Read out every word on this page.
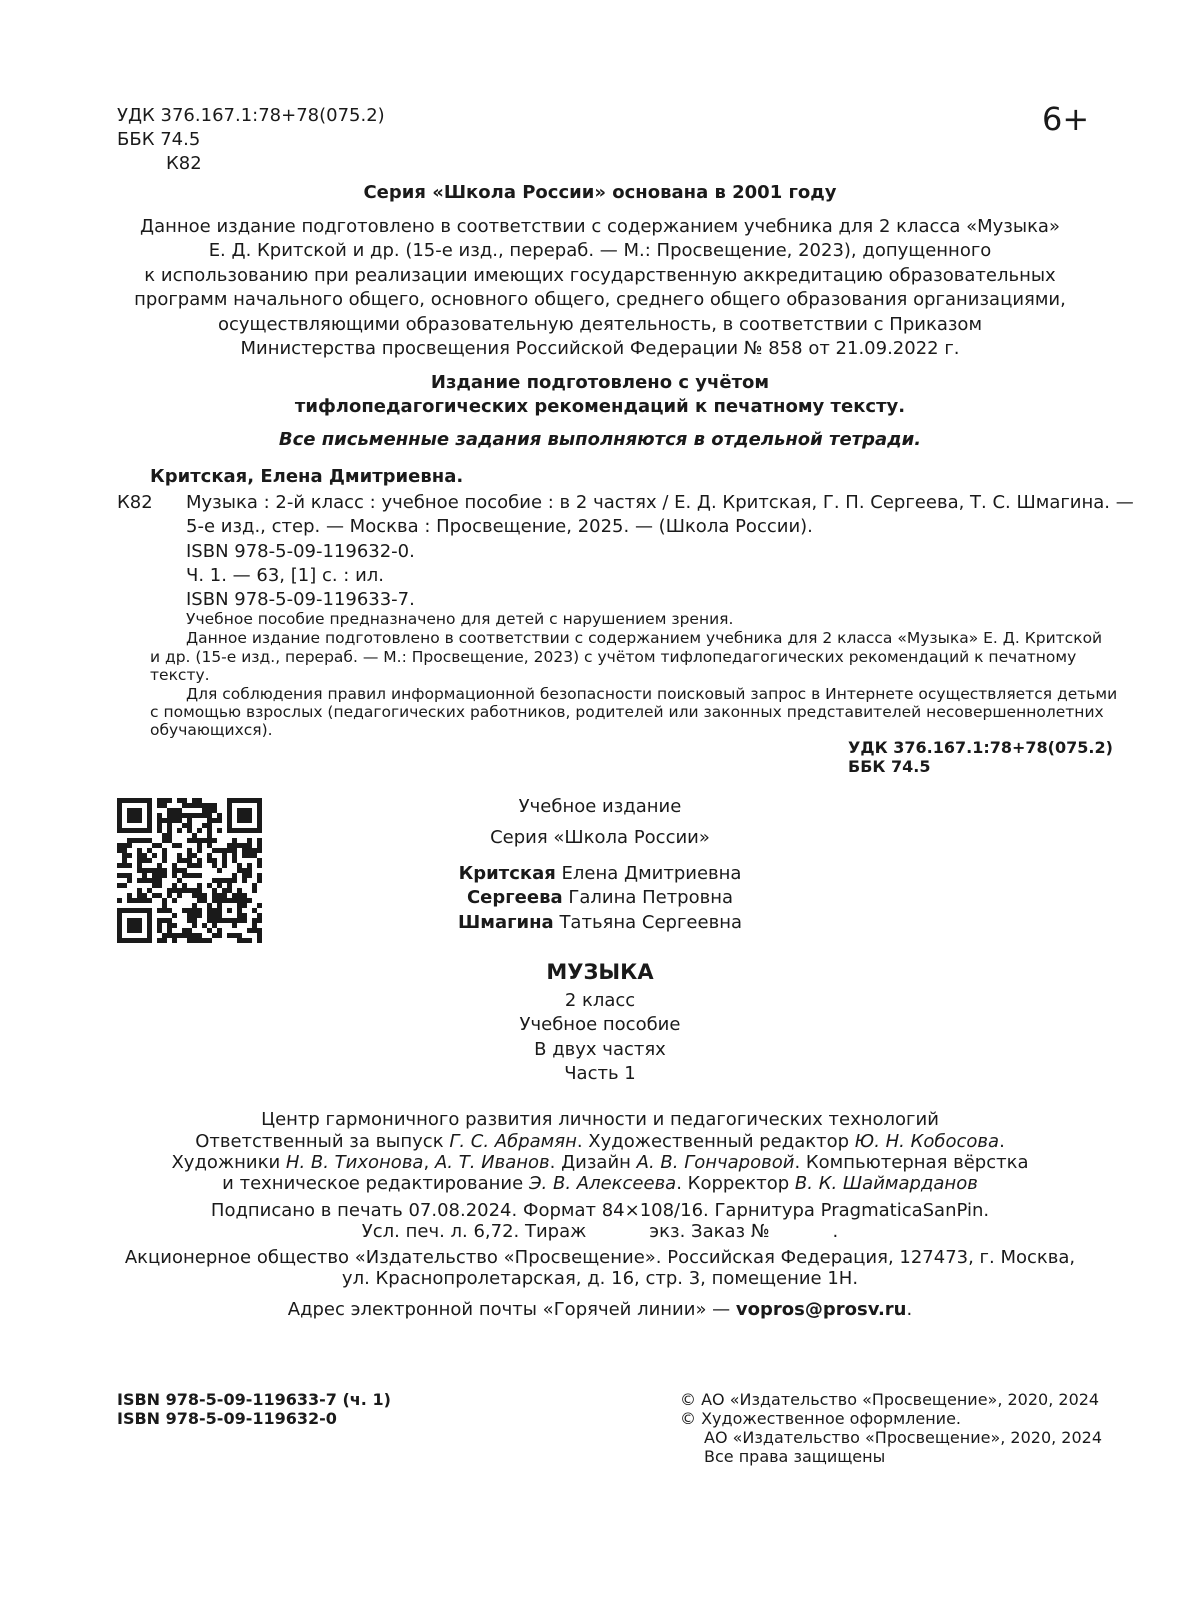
УДК 376.167.1:78+78(075.2)
ББК 74.5
К82
6+
Серия «Школа России» основана в 2001 году
Данное издание подготовлено в соответствии с содержанием учебника для 2 класса «Музыка»
Е. Д. Критской и др. (15-е изд., перераб. — М.: Просвещение, 2023), допущенного
к использованию при реализации имеющих государственную аккредитацию образовательных
программ начального общего, основного общего, среднего общего образования организациями,
осуществляющими образовательную деятельность, в соответствии с Приказом
Министерства просвещения Российской Федерации № 858 от 21.09.2022 г.
Издание подготовлено с учётом
тифлопедагогических рекомендаций к печатному тексту.
Все письменные задания выполняются в отдельной тетради.
Критская, Елена Дмитриевна.
К82 Музыка : 2-й класс : учебное пособие : в 2 частях / Е. Д. Критская, Г. П. Сергеева, Т. С. Шмагина. —
5-е изд., стер. — Москва : Просвещение, 2025. — (Школа России).
ISBN 978-5-09-119632-0.
Ч. 1. — 63, [1] с. : ил.
ISBN 978-5-09-119633-7.
Учебное пособие предназначено для детей с нарушением зрения.
Данное издание подготовлено в соответствии с содержанием учебника для 2 класса «Музыка» Е. Д. Критской
и др. (15-е изд., перераб. — М.: Просвещение, 2023) с учётом тифлопедагогических рекомендаций к печатному
тексту.
Для соблюдения правил информационной безопасности поисковый запрос в Интернете осуществляется детьми
с помощью взрослых (педагогических работников, родителей или законных представителей несовершеннолетних
обучающихся).
УДК 376.167.1:78+78(075.2)
ББК 74.5
Учебное издание
Серия «Школа России»
Критская Елена Дмитриевна
Сергеева Галина Петровна
Шмагина Татьяна Сергеевна
МУЗЫКА
2 класс
Учебное пособие
В двух частях
Часть 1
Центр гармоничного развития личности и педагогических технологий
Ответственный за выпуск Г. С. Абрамян. Художественный редактор Ю. Н. Кобосова.
Художники Н. В. Тихонова, А. Т. Иванов. Дизайн А. В. Гончаровой. Компьютерная вёрстка
и техническое редактирование Э. В. Алексеева. Корректор В. К. Шаймарданов
Подписано в печать 07.08.2024. Формат 84×108/16. Гарнитура PragmaticaSanPin.
Усл. печ. л. 6,72. Тираж           экз. Заказ №           .
Акционерное общество «Издательство «Просвещение». Российская Федерация, 127473, г. Москва,
ул. Краснопролетарская, д. 16, стр. 3, помещение 1Н.
Адрес электронной почты «Горячей линии» — vopros@prosv.ru.
ISBN 978-5-09-119633-7 (ч. 1)
ISBN 978-5-09-119632-0
© АО «Издательство «Просвещение», 2020, 2024
© Художественное оформление.
АО «Издательство «Просвещение», 2020, 2024
Все права защищены
